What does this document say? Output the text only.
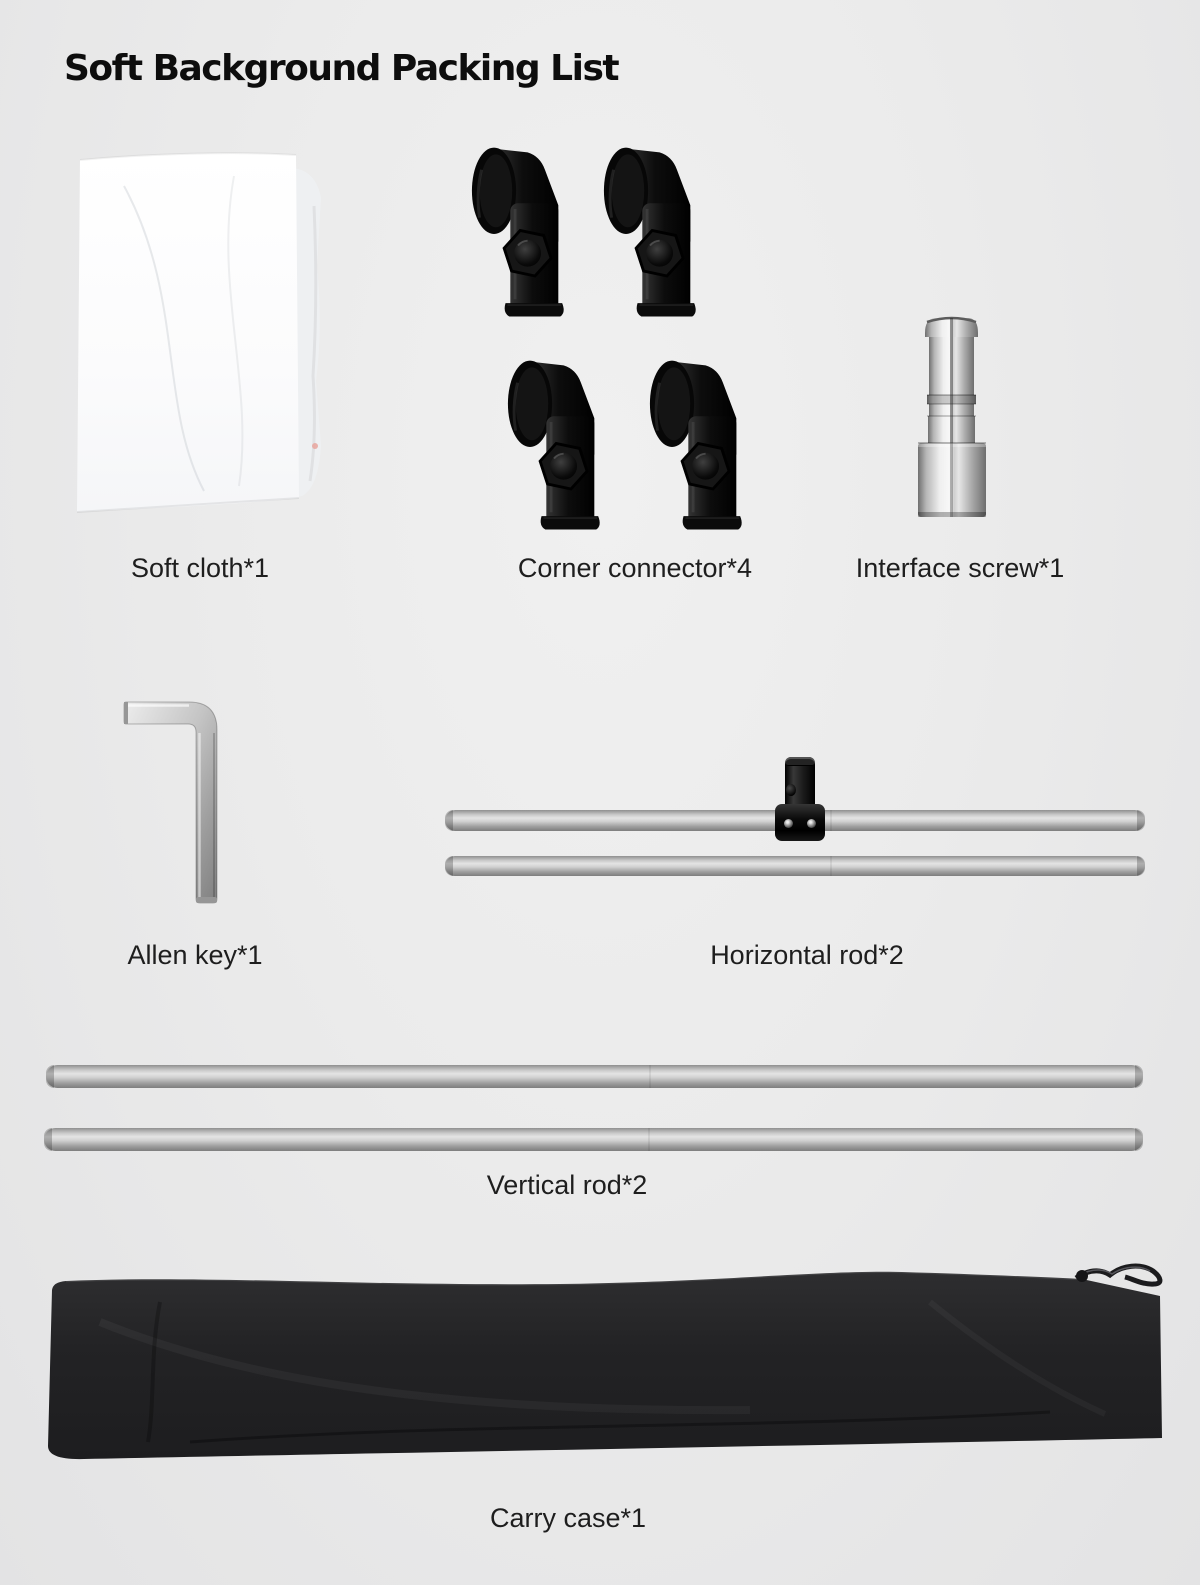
Soft Background Packing List
Soft cloth*1	Corner connector*4	Interface screw*1
Allen key*1	Horizontal rod*2
Vertical rod*2
Carry case*1
